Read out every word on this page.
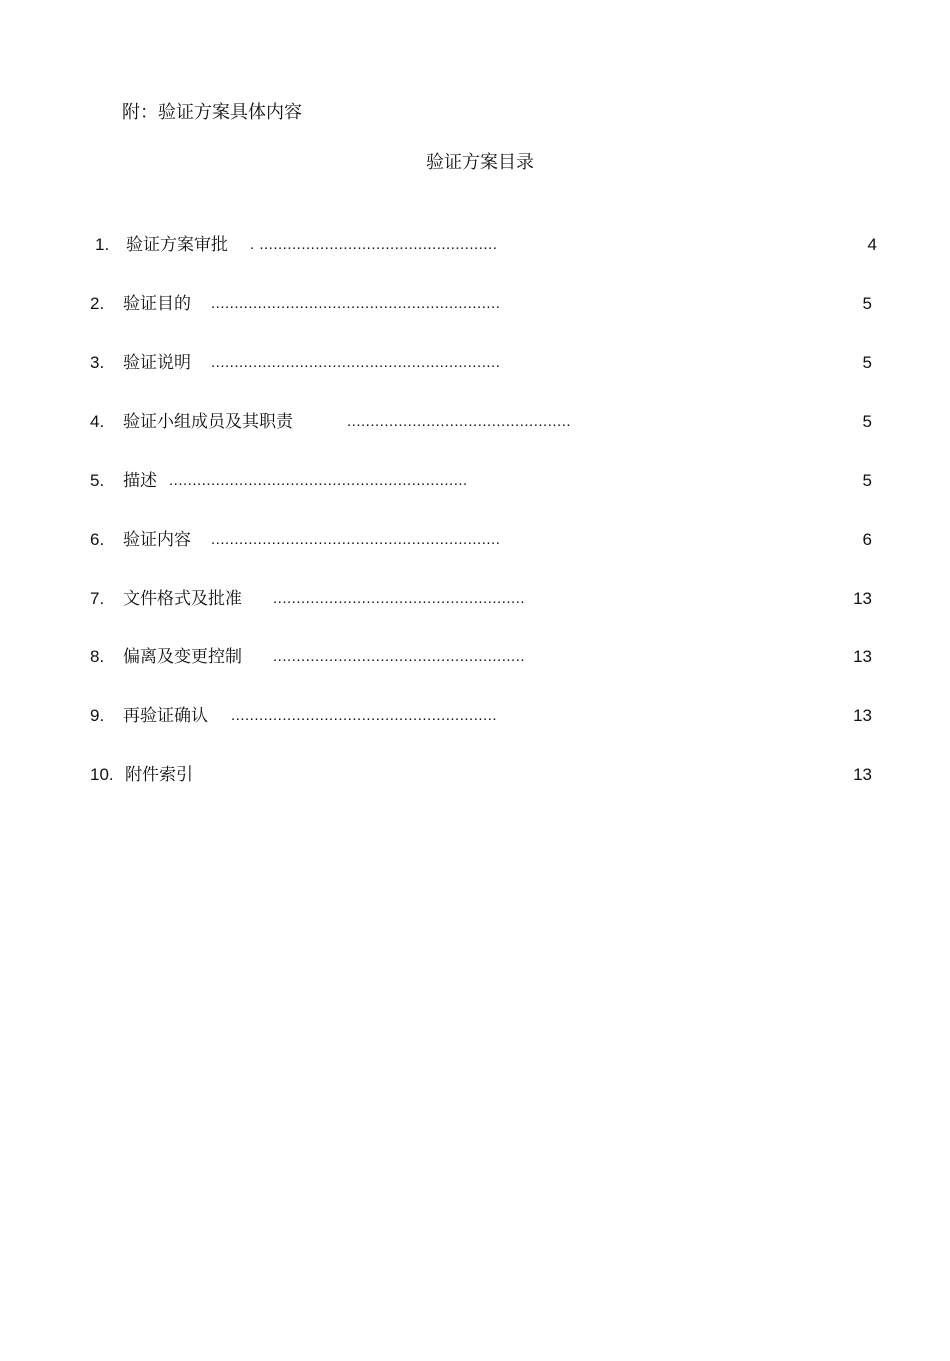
附：验证方案具体内容
验证方案目录
1. 验证方案审批 . ...................................................	4
2. 验证目的 ..............................................................	5
3. 验证说明 ..............................................................	5
4. 验证小组成员及其职责	................................................	5
5. 描述 ................................................................	5
6. 验证内容 ..............................................................	6
7. 文件格式及批准 ......................................................	13
8. 偏离及变更控制 ......................................................	13
9. 再验证确认 .........................................................	13
10. 附件索引	13
